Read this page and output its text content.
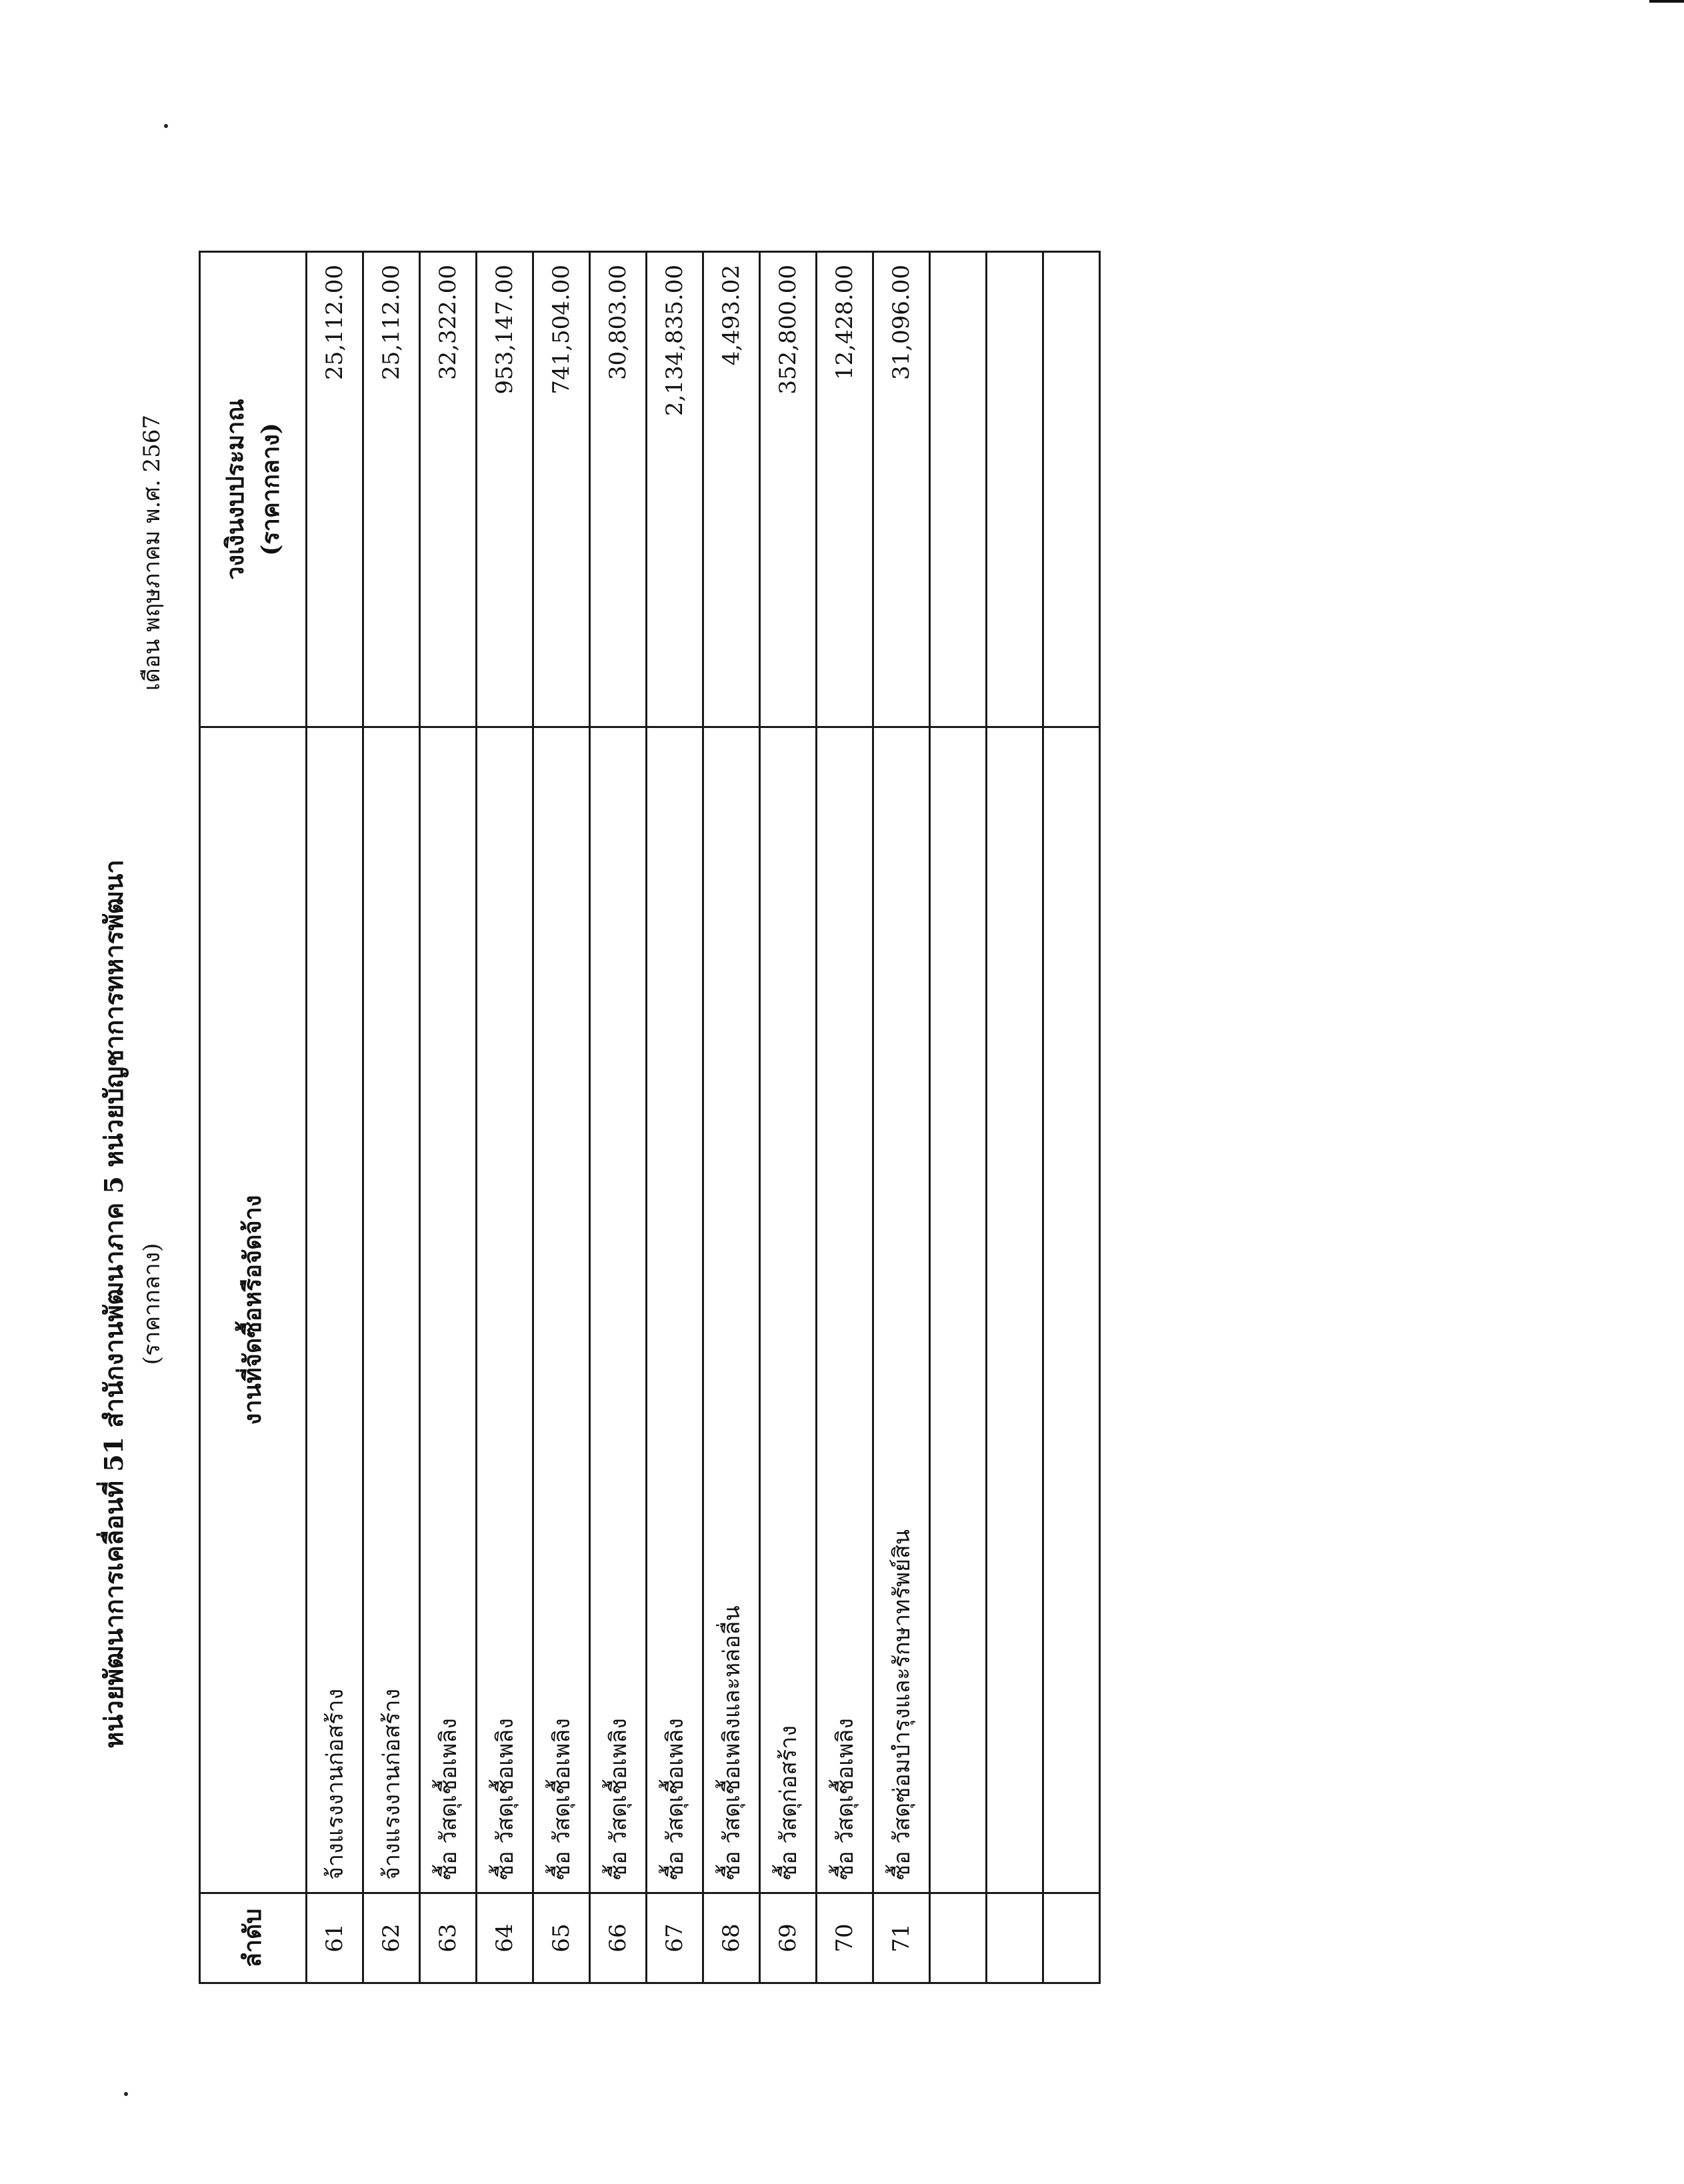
หน่วยพัฒนาการเคลื่อนที่ 51 สำนักงานพัฒนาภาค 5 หน่วยบัญชาการทหารพัฒนา (ราคากลาง)
เดือน พฤษภาคม พ.ศ. 2567
ลำดับ	งานที่จัดซื้อหรือจัดจ้าง	วงเงินงบประมาณ (ราคากลาง)

61	จ้างแรงงานก่อสร้าง	25,112.00
62	จ้างแรงงานก่อสร้าง	25,112.00
63	ซื้อ วัสดุเชื้อเพลิง	32,322.00
64	ซื้อ วัสดุเชื้อเพลิง	953,147.00
65	ซื้อ วัสดุเชื้อเพลิง	741,504.00
66	ซื้อ วัสดุเชื้อเพลิง	30,803.00
67	ซื้อ วัสดุเชื้อเพลิง	2,134,835.00
68	ซื้อ วัสดุเชื้อเพลิงและหล่อลื่น	4,493.02
69	ซื้อ วัสดุก่อสร้าง	352,800.00
70	ซื้อ วัสดุเชื้อเพลิง	12,428.00
71	ซื้อ วัสดุซ่อมบำรุงและรักษาทรัพย์สิน	31,096.00
